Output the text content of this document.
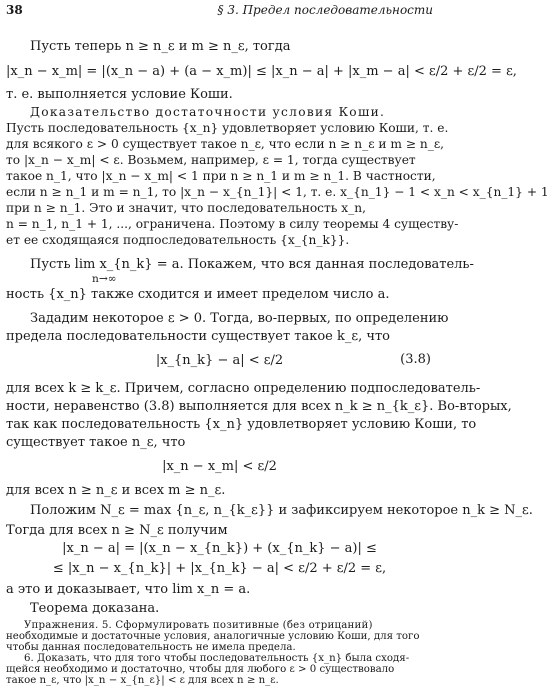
38	§ 3. Предел последовательности
Пусть теперь n ≥ n_ε и m ≥ n_ε, тогда
|x_n − x_m| = |(x_n − a) + (a − x_m)| ≤ |x_n − a| + |x_m − a| < ε/2 + ε/2 = ε,
т. е. выполняется условие Коши.
Доказательство достаточности условия Коши.
Пусть последовательность {x_n} удовлетворяет условию Коши, т. е.
для всякого ε > 0 существует такое n_ε, что если n ≥ n_ε и m ≥ n_ε,
то |x_n − x_m| < ε. Возьмем, например, ε = 1, тогда существует
такое n_1, что |x_n − x_m| < 1 при n ≥ n_1 и m ≥ n_1. В частности,
если n ≥ n_1 и m = n_1, то |x_n − x_{n_1}| < 1, т. е. x_{n_1} − 1 < x_n < x_{n_1} + 1
при n ≥ n_1. Это и значит, что последовательность x_n,
n = n_1, n_1 + 1, ..., ограничена. Поэтому в силу теоремы 4 существу-
ет ее сходящаяся подпоследовательность {x_{n_k}}.
Пусть lim x_{n_k} = a. Покажем, что вся данная последователь-
n→∞
ность {x_n} также сходится и имеет пределом число a.
Зададим некоторое ε > 0. Тогда, во-первых, по определению
предела последовательности существует такое k_ε, что
|x_{n_k} − a| < ε/2	(3.8)
для всех k ≥ k_ε. Причем, согласно определению подпоследователь-
ности, неравенство (3.8) выполняется для всех n_k ≥ n_{k_ε}. Во-вторых,
так как последовательность {x_n} удовлетворяет условию Коши, то
существует такое n_ε, что
|x_n − x_m| < ε/2
для всех n ≥ n_ε и всех m ≥ n_ε.
Положим N_ε = max {n_ε, n_{k_ε}} и зафиксируем некоторое n_k ≥ N_ε.
Тогда для всех n ≥ N_ε получим
|x_n − a| = |(x_n − x_{n_k}) + (x_{n_k} − a)| ≤
≤ |x_n − x_{n_k}| + |x_{n_k} − a| < ε/2 + ε/2 = ε,
а это и доказывает, что lim x_n = a.
Теорема доказана.
Упражнения. 5. Сформулировать позитивные (без отрицаний)
необходимые и достаточные условия, аналогичные условию Коши, для того
чтобы данная последовательность не имела предела.
6. Доказать, что для того чтобы последовательность {x_n} была сходя-
щейся необходимо и достаточно, чтобы для любого ε > 0 существовало
такое n_ε, что |x_n − x_{n_ε}| < ε для всех n ≥ n_ε.
